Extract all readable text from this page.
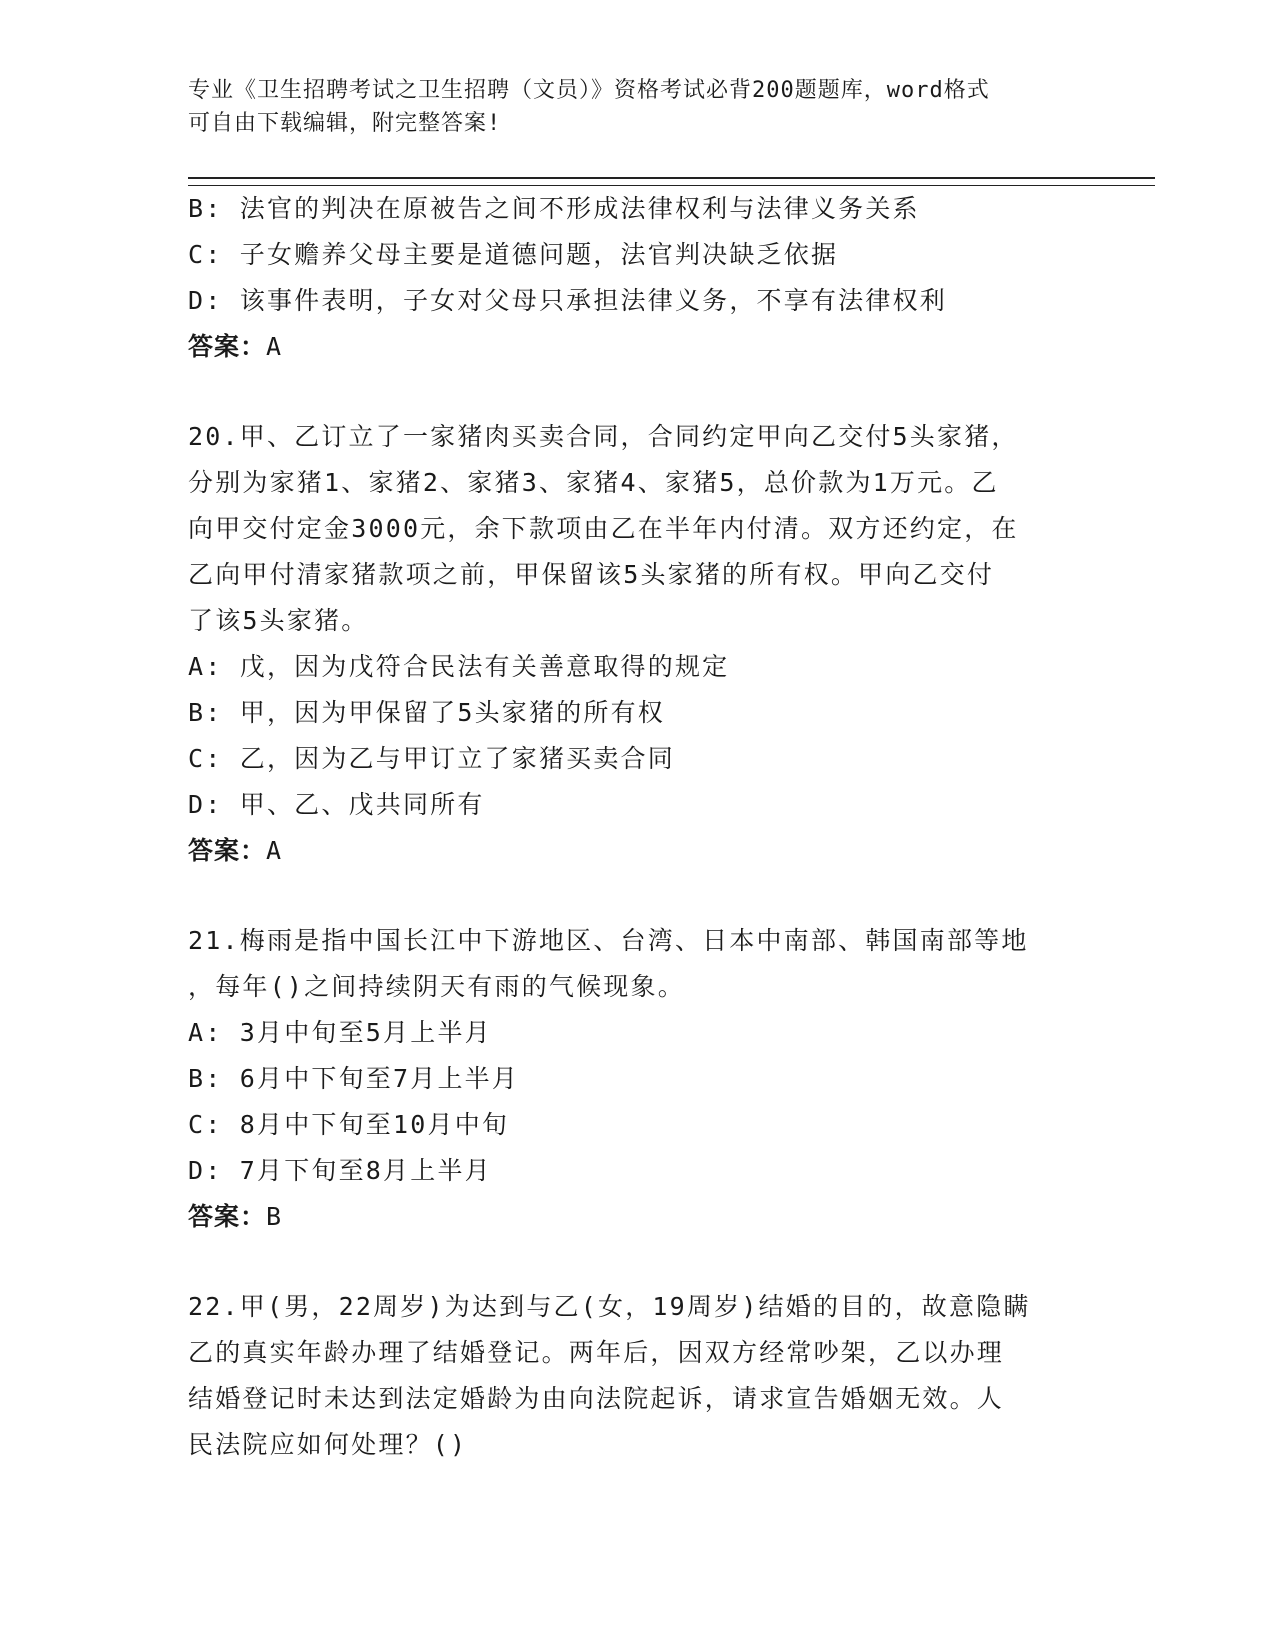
专业《卫生招聘考试之卫生招聘（文员）》资格考试必背200题题库，word格式
可自由下载编辑，附完整答案!
B: 法官的判决在原被告之间不形成法律权利与法律义务关系
C: 子女赡养父母主要是道德问题，法官判决缺乏依据
D: 该事件表明，子女对父母只承担法律义务，不享有法律权利
答案：A
20.甲、乙订立了一家猪肉买卖合同，合同约定甲向乙交付5头家猪，
分别为家猪1、家猪2、家猪3、家猪4、家猪5，总价款为1万元。乙
向甲交付定金3000元，余下款项由乙在半年内付清。双方还约定，在
乙向甲付清家猪款项之前，甲保留该5头家猪的所有权。甲向乙交付
了该5头家猪。
A: 戊，因为戊符合民法有关善意取得的规定
B: 甲，因为甲保留了5头家猪的所有权
C: 乙，因为乙与甲订立了家猪买卖合同
D: 甲、乙、戊共同所有
答案：A
21.梅雨是指中国长江中下游地区、台湾、日本中南部、韩国南部等地
，每年()之间持续阴天有雨的气候现象。
A: 3月中旬至5月上半月
B: 6月中下旬至7月上半月
C: 8月中下旬至10月中旬
D: 7月下旬至8月上半月
答案：B
22.甲(男，22周岁)为达到与乙(女，19周岁)结婚的目的，故意隐瞒
乙的真实年龄办理了结婚登记。两年后，因双方经常吵架，乙以办理
结婚登记时未达到法定婚龄为由向法院起诉，请求宣告婚姻无效。人
民法院应如何处理？()
